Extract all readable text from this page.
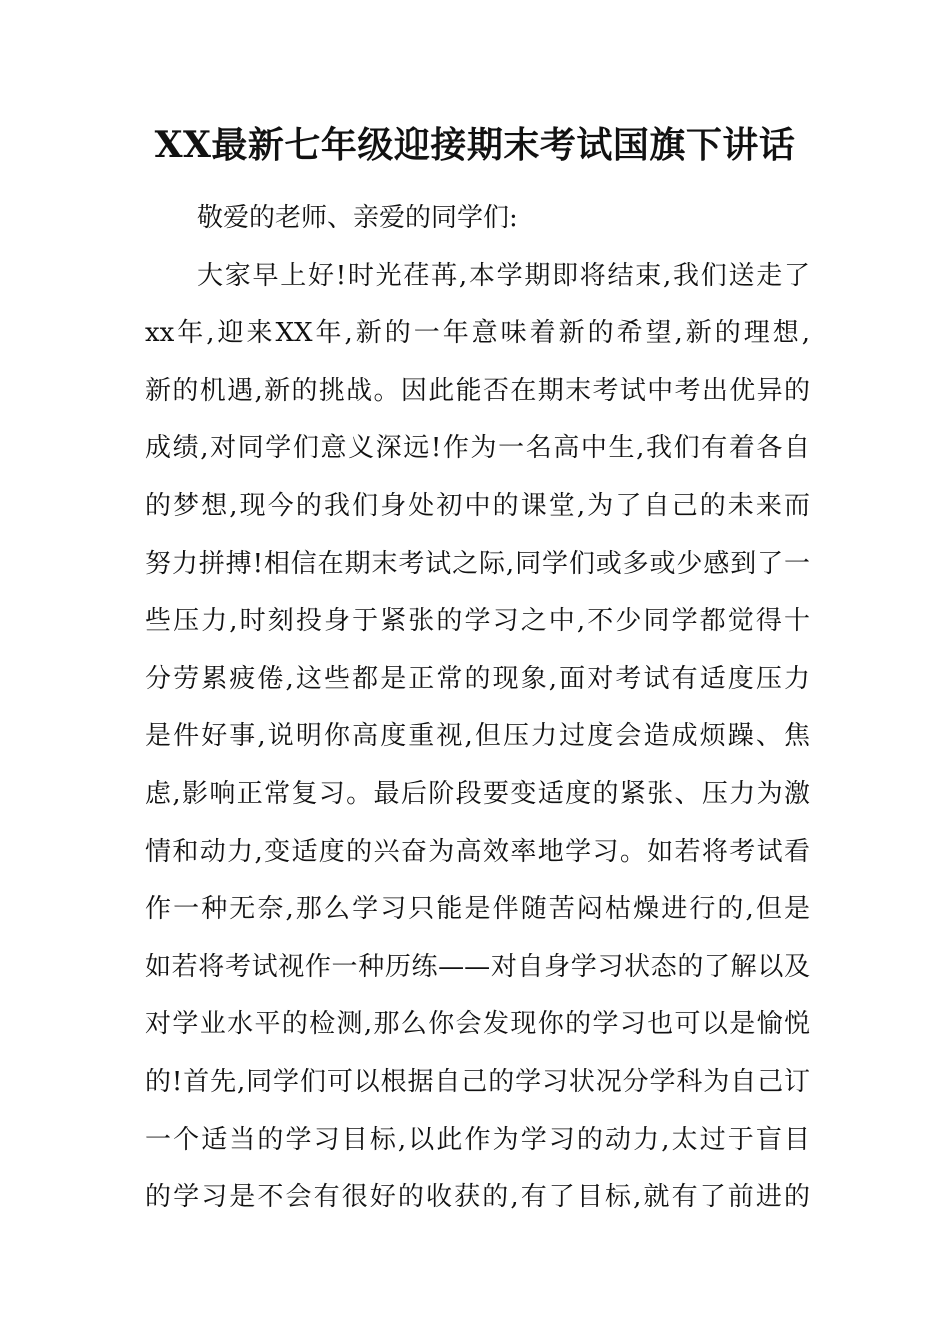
XX最新七年级迎接期末考试国旗下讲话
敬爱的老师、亲爱的同学们:
大家早上好!时光荏苒,本学期即将结束,我们送走了
xx年,迎来XX年,新的一年意味着新的希望,新的理想,
新的机遇,新的挑战。因此能否在期末考试中考出优异的
成绩,对同学们意义深远!作为一名高中生,我们有着各自
的梦想,现今的我们身处初中的课堂,为了自己的未来而
努力拼搏!相信在期末考试之际,同学们或多或少感到了一
些压力,时刻投身于紧张的学习之中,不少同学都觉得十
分劳累疲倦,这些都是正常的现象,面对考试有适度压力
是件好事,说明你高度重视,但压力过度会造成烦躁、焦
虑,影响正常复习。最后阶段要变适度的紧张、压力为激
情和动力,变适度的兴奋为高效率地学习。如若将考试看
作一种无奈,那么学习只能是伴随苦闷枯燥进行的,但是
如若将考试视作一种历练——对自身学习状态的了解以及
对学业水平的检测,那么你会发现你的学习也可以是愉悦
的!首先,同学们可以根据自己的学习状况分学科为自己订
一个适当的学习目标,以此作为学习的动力,太过于盲目
的学习是不会有很好的收获的,有了目标,就有了前进的
